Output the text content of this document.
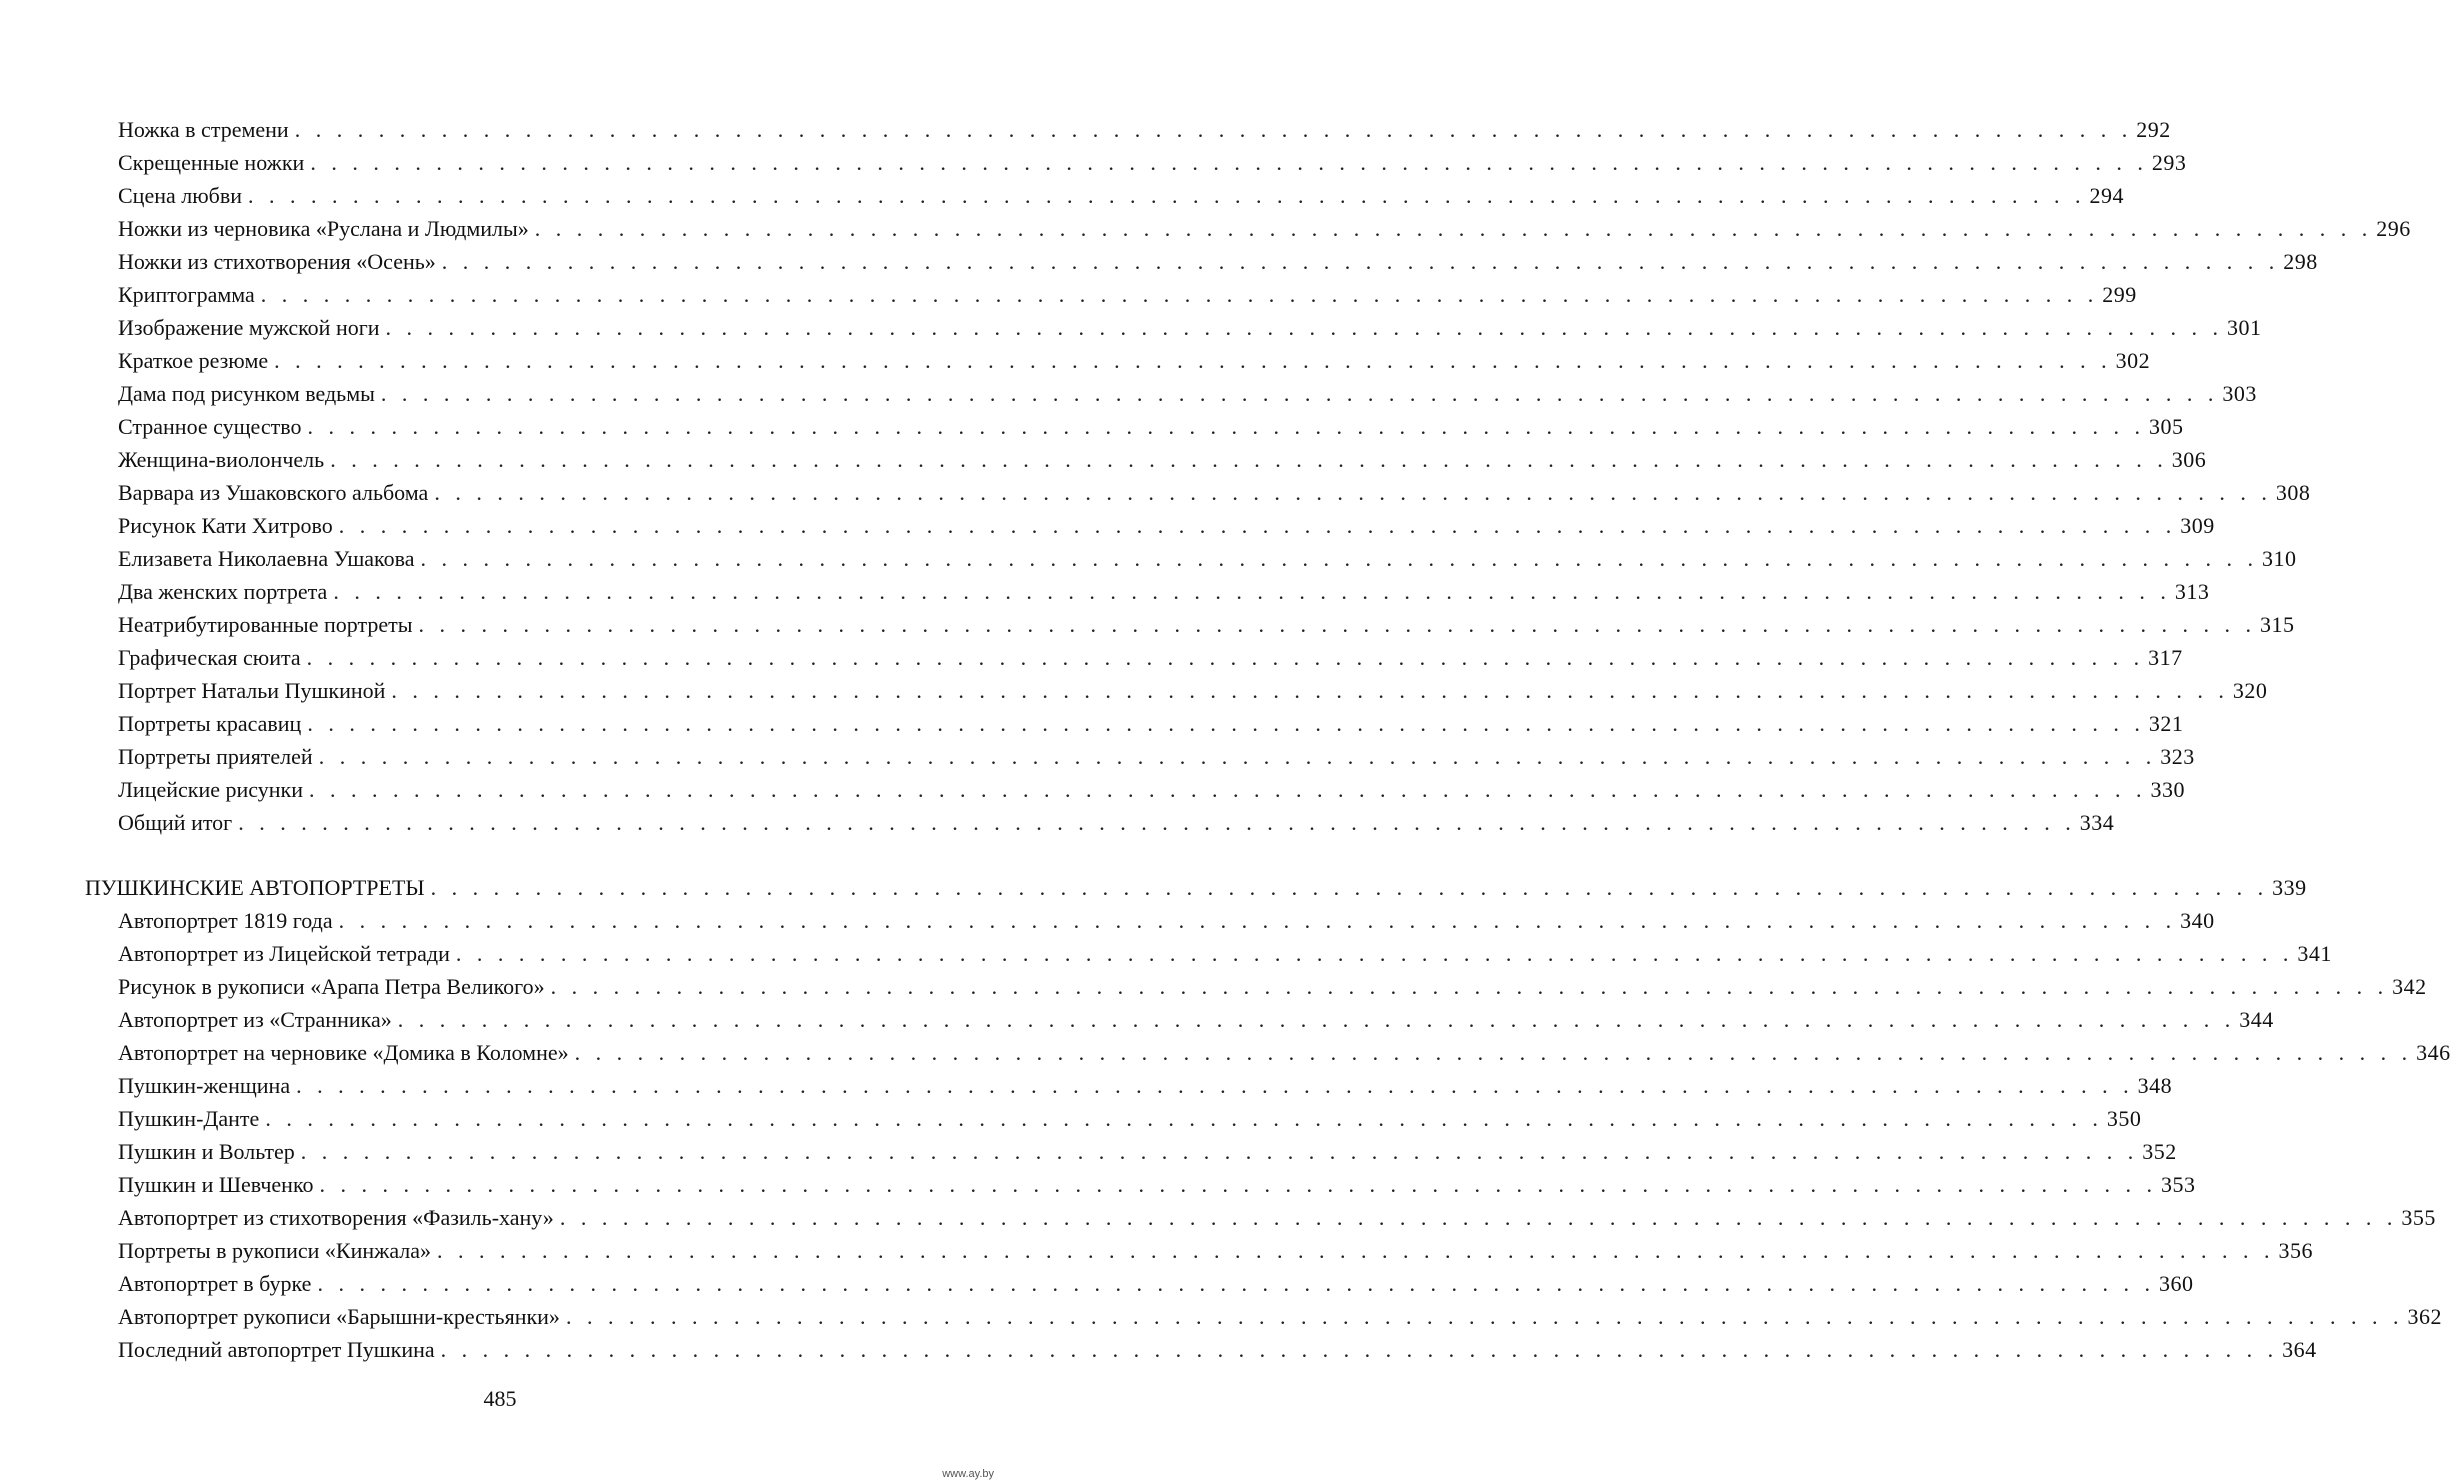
Ножка в стремени . . . . . . . . . . . . . . . . . . . . . . . . . . . . . . . . . . . . . . . . . . . . . . . . . . . . . . . . . . . . . . . . . . . . . . . . . . . . . . . . . . . . . . . . 292
Скрещенные ножки . . . . . . . . . . . . . . . . . . . . . . . . . . . . . . . . . . . . . . . . . . . . . . . . . . . . . . . . . . . . . . . . . . . . . . . . . . . . . . . . . . . . . . . . 293
Сцена любви . . . . . . . . . . . . . . . . . . . . . . . . . . . . . . . . . . . . . . . . . . . . . . . . . . . . . . . . . . . . . . . . . . . . . . . . . . . . . . . . . . . . . . . . 294
Ножки из черновика «Руслана и Людмилы» . . . . . . . . . . . . . . . . . . . . . . . . . . . . . . . . . . . . . . . . . . . . . . . . . . . . . . . . . . . . . . . . . . . . . . . . . . . . . . . . . . . . . . . . 296
Ножки из стихотворения «Осень» . . . . . . . . . . . . . . . . . . . . . . . . . . . . . . . . . . . . . . . . . . . . . . . . . . . . . . . . . . . . . . . . . . . . . . . . . . . . . . . . . . . . . . . . 298
Криптограмма . . . . . . . . . . . . . . . . . . . . . . . . . . . . . . . . . . . . . . . . . . . . . . . . . . . . . . . . . . . . . . . . . . . . . . . . . . . . . . . . . . . . . . . . 299
Изображение мужской ноги . . . . . . . . . . . . . . . . . . . . . . . . . . . . . . . . . . . . . . . . . . . . . . . . . . . . . . . . . . . . . . . . . . . . . . . . . . . . . . . . . . . . . . . . 301
Краткое резюме . . . . . . . . . . . . . . . . . . . . . . . . . . . . . . . . . . . . . . . . . . . . . . . . . . . . . . . . . . . . . . . . . . . . . . . . . . . . . . . . . . . . . . . . 302
Дама под рисунком ведьмы . . . . . . . . . . . . . . . . . . . . . . . . . . . . . . . . . . . . . . . . . . . . . . . . . . . . . . . . . . . . . . . . . . . . . . . . . . . . . . . . . . . . . . . . 303
Странное существо . . . . . . . . . . . . . . . . . . . . . . . . . . . . . . . . . . . . . . . . . . . . . . . . . . . . . . . . . . . . . . . . . . . . . . . . . . . . . . . . . . . . . . . . 305
Женщина-виолончель . . . . . . . . . . . . . . . . . . . . . . . . . . . . . . . . . . . . . . . . . . . . . . . . . . . . . . . . . . . . . . . . . . . . . . . . . . . . . . . . . . . . . . . . 306
Варвара из Ушаковского альбома . . . . . . . . . . . . . . . . . . . . . . . . . . . . . . . . . . . . . . . . . . . . . . . . . . . . . . . . . . . . . . . . . . . . . . . . . . . . . . . . . . . . . . . . 308
Рисунок Кати Хитрово . . . . . . . . . . . . . . . . . . . . . . . . . . . . . . . . . . . . . . . . . . . . . . . . . . . . . . . . . . . . . . . . . . . . . . . . . . . . . . . . . . . . . . . . 309
Елизавета Николаевна Ушакова . . . . . . . . . . . . . . . . . . . . . . . . . . . . . . . . . . . . . . . . . . . . . . . . . . . . . . . . . . . . . . . . . . . . . . . . . . . . . . . . . . . . . . . . 310
Два женских портрета . . . . . . . . . . . . . . . . . . . . . . . . . . . . . . . . . . . . . . . . . . . . . . . . . . . . . . . . . . . . . . . . . . . . . . . . . . . . . . . . . . . . . . . . 313
Неатрибутированные портреты . . . . . . . . . . . . . . . . . . . . . . . . . . . . . . . . . . . . . . . . . . . . . . . . . . . . . . . . . . . . . . . . . . . . . . . . . . . . . . . . . . . . . . . . 315
Графическая сюита . . . . . . . . . . . . . . . . . . . . . . . . . . . . . . . . . . . . . . . . . . . . . . . . . . . . . . . . . . . . . . . . . . . . . . . . . . . . . . . . . . . . . . . . 317
Портрет Натальи Пушкиной . . . . . . . . . . . . . . . . . . . . . . . . . . . . . . . . . . . . . . . . . . . . . . . . . . . . . . . . . . . . . . . . . . . . . . . . . . . . . . . . . . . . . . . . 320
Портреты красавиц . . . . . . . . . . . . . . . . . . . . . . . . . . . . . . . . . . . . . . . . . . . . . . . . . . . . . . . . . . . . . . . . . . . . . . . . . . . . . . . . . . . . . . . . 321
Портреты приятелей . . . . . . . . . . . . . . . . . . . . . . . . . . . . . . . . . . . . . . . . . . . . . . . . . . . . . . . . . . . . . . . . . . . . . . . . . . . . . . . . . . . . . . . . 323
Лицейские рисунки . . . . . . . . . . . . . . . . . . . . . . . . . . . . . . . . . . . . . . . . . . . . . . . . . . . . . . . . . . . . . . . . . . . . . . . . . . . . . . . . . . . . . . . . 330
Общий итог . . . . . . . . . . . . . . . . . . . . . . . . . . . . . . . . . . . . . . . . . . . . . . . . . . . . . . . . . . . . . . . . . . . . . . . . . . . . . . . . . . . . . . . . 334
ПУШКИНСКИЕ АВТОПОРТРЕТЫ . . . . . . . . . . . . . . . . . . . . . . . . . . . . . . . . . . . . . . . . . . . . . . . . . . . . . . . . . . . . . . . . . . . . . . . . . . . . . . . . . . . . . . . . 339
Автопортрет 1819 года . . . . . . . . . . . . . . . . . . . . . . . . . . . . . . . . . . . . . . . . . . . . . . . . . . . . . . . . . . . . . . . . . . . . . . . . . . . . . . . . . . . . . . . . 340
Автопортрет из Лицейской тетради . . . . . . . . . . . . . . . . . . . . . . . . . . . . . . . . . . . . . . . . . . . . . . . . . . . . . . . . . . . . . . . . . . . . . . . . . . . . . . . . . . . . . . . . 341
Рисунок в рукописи «Арапа Петра Великого» . . . . . . . . . . . . . . . . . . . . . . . . . . . . . . . . . . . . . . . . . . . . . . . . . . . . . . . . . . . . . . . . . . . . . . . . . . . . . . . . . . . . . . . . 342
Автопортрет из «Странника» . . . . . . . . . . . . . . . . . . . . . . . . . . . . . . . . . . . . . . . . . . . . . . . . . . . . . . . . . . . . . . . . . . . . . . . . . . . . . . . . . . . . . . . . 344
Автопортрет на черновике «Домика в Коломне» . . . . . . . . . . . . . . . . . . . . . . . . . . . . . . . . . . . . . . . . . . . . . . . . . . . . . . . . . . . . . . . . . . . . . . . . . . . . . . . . . . . . . . . . 346
Пушкин-женщина . . . . . . . . . . . . . . . . . . . . . . . . . . . . . . . . . . . . . . . . . . . . . . . . . . . . . . . . . . . . . . . . . . . . . . . . . . . . . . . . . . . . . . . . 348
Пушкин-Данте . . . . . . . . . . . . . . . . . . . . . . . . . . . . . . . . . . . . . . . . . . . . . . . . . . . . . . . . . . . . . . . . . . . . . . . . . . . . . . . . . . . . . . . . 350
Пушкин и Вольтер . . . . . . . . . . . . . . . . . . . . . . . . . . . . . . . . . . . . . . . . . . . . . . . . . . . . . . . . . . . . . . . . . . . . . . . . . . . . . . . . . . . . . . . . 352
Пушкин и Шевченко . . . . . . . . . . . . . . . . . . . . . . . . . . . . . . . . . . . . . . . . . . . . . . . . . . . . . . . . . . . . . . . . . . . . . . . . . . . . . . . . . . . . . . . . 353
Автопортрет из стихотворения «Фазиль-хану» . . . . . . . . . . . . . . . . . . . . . . . . . . . . . . . . . . . . . . . . . . . . . . . . . . . . . . . . . . . . . . . . . . . . . . . . . . . . . . . . . . . . . . . . 355
Портреты в рукописи «Кинжала» . . . . . . . . . . . . . . . . . . . . . . . . . . . . . . . . . . . . . . . . . . . . . . . . . . . . . . . . . . . . . . . . . . . . . . . . . . . . . . . . . . . . . . . . 356
Автопортрет в бурке . . . . . . . . . . . . . . . . . . . . . . . . . . . . . . . . . . . . . . . . . . . . . . . . . . . . . . . . . . . . . . . . . . . . . . . . . . . . . . . . . . . . . . . . 360
Автопортрет рукописи «Барышни-крестьянки» . . . . . . . . . . . . . . . . . . . . . . . . . . . . . . . . . . . . . . . . . . . . . . . . . . . . . . . . . . . . . . . . . . . . . . . . . . . . . . . . . . . . . . . . 362
Последний автопортрет Пушкина . . . . . . . . . . . . . . . . . . . . . . . . . . . . . . . . . . . . . . . . . . . . . . . . . . . . . . . . . . . . . . . . . . . . . . . . . . . . . . . . . . . . . . . . 364
485
www.ay.by
